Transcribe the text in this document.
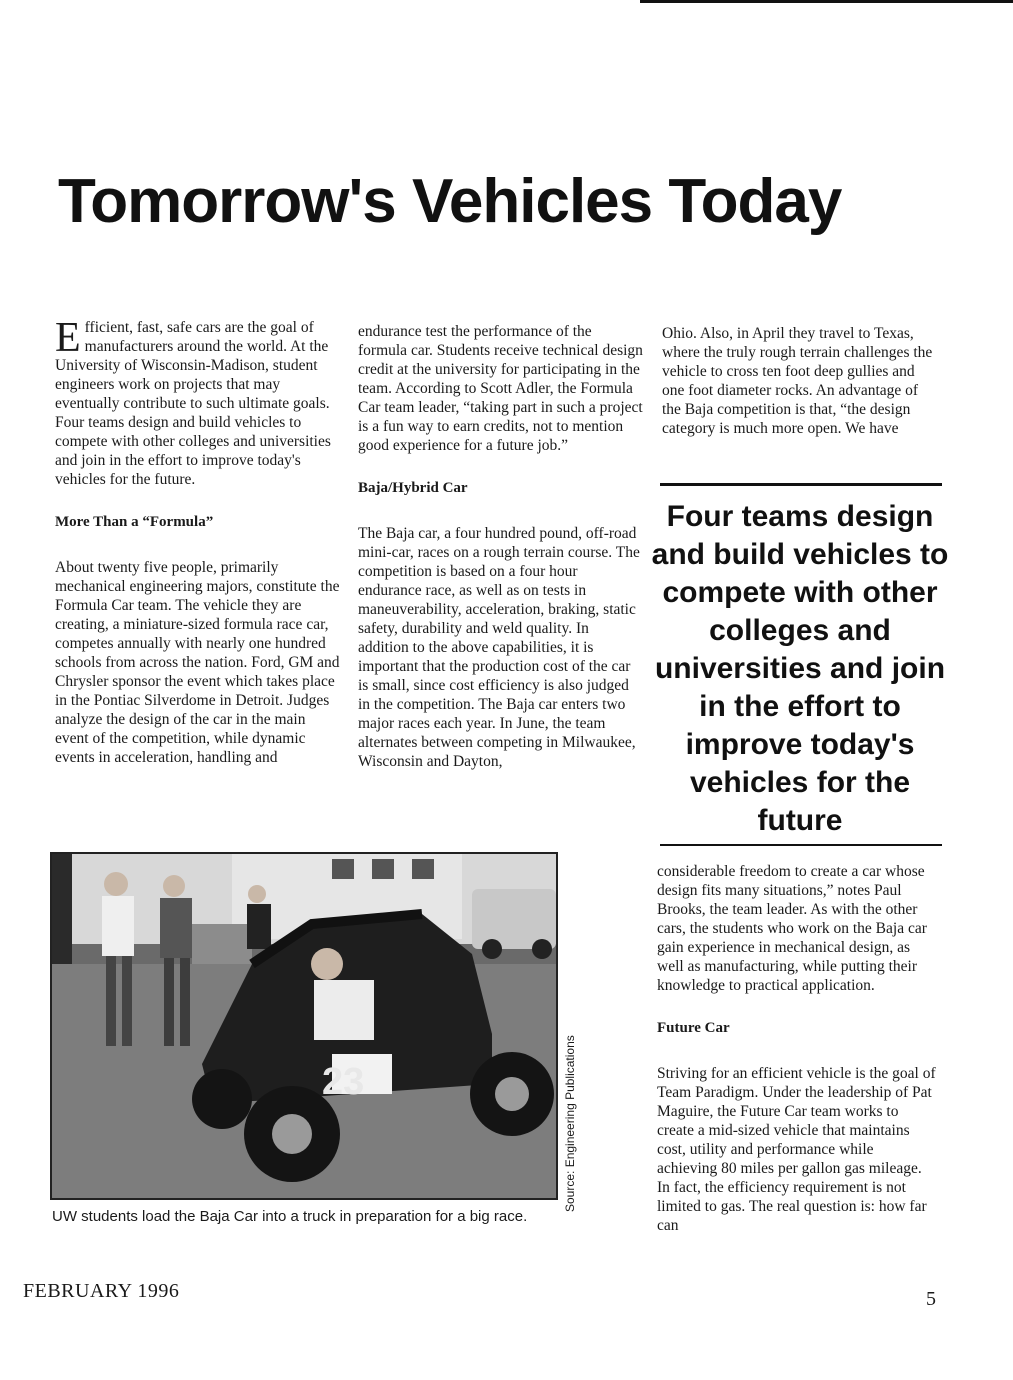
Tomorrow's Vehicles Today

Efficient, fast, safe cars are the goal of manufacturers around the world. At the University of Wisconsin-Madison, student engineers work on projects that may eventually contribute to such ultimate goals. Four teams design and build vehicles to compete with other colleges and universities and join in the effort to improve today's vehicles for the future.

More Than a “Formula”

About twenty five people, primarily mechanical engineering majors, constitute the Formula Car team. The vehicle they are creating, a miniature-sized formula race car, competes annually with nearly one hundred schools from across the nation. Ford, GM and Chrysler sponsor the event which takes place in the Pontiac Silverdome in Detroit. Judges analyze the design of the car in the main event of the competition, while dynamic events in acceleration, handling and

endurance test the performance of the formula car. Students receive technical design credit at the university for participating in the team. According to Scott Adler, the Formula Car team leader, “taking part in such a project is a fun way to earn credits, not to mention good experience for a future job.”

Baja/Hybrid Car

The Baja car, a four hundred pound, off-road mini-car, races on a rough terrain course. The competition is based on a four hour endurance race, as well as on tests in maneuverability, acceleration, braking, static safety, durability and weld quality. In addition to the above capabilities, it is important that the production cost of the car is small, since cost efficiency is also judged in the competition. The Baja car enters two major races each year. In June, the team alternates between competing in Milwaukee, Wisconsin and Dayton,

Ohio. Also, in April they travel to Texas, where the truly rough terrain challenges the vehicle to cross ten foot deep gullies and one foot diameter rocks. An advantage of the Baja competition is that, “the design category is much more open. We have

Four teams design and build vehicles to compete with other colleges and universities and join in the effort to improve today's vehicles for the future

considerable freedom to create a car whose design fits many situations,” notes Paul Brooks, the team leader. As with the other cars, the students who work on the Baja car gain experience in mechanical design, as well as manufacturing, while putting their knowledge to practical application.

Future Car

Striving for an efficient vehicle is the goal of Team Paradigm. Under the leadership of Pat Maguire, the Future Car team works to create a mid-sized vehicle that maintains cost, utility and performance while achieving 80 miles per gallon gas mileage. In fact, the efficiency requirement is not limited to gas. The real question is: how far can

23
UW students load the Baja Car into a truck in preparation for a big race.
Source: Engineering Publications
FEBRUARY 1996	5
